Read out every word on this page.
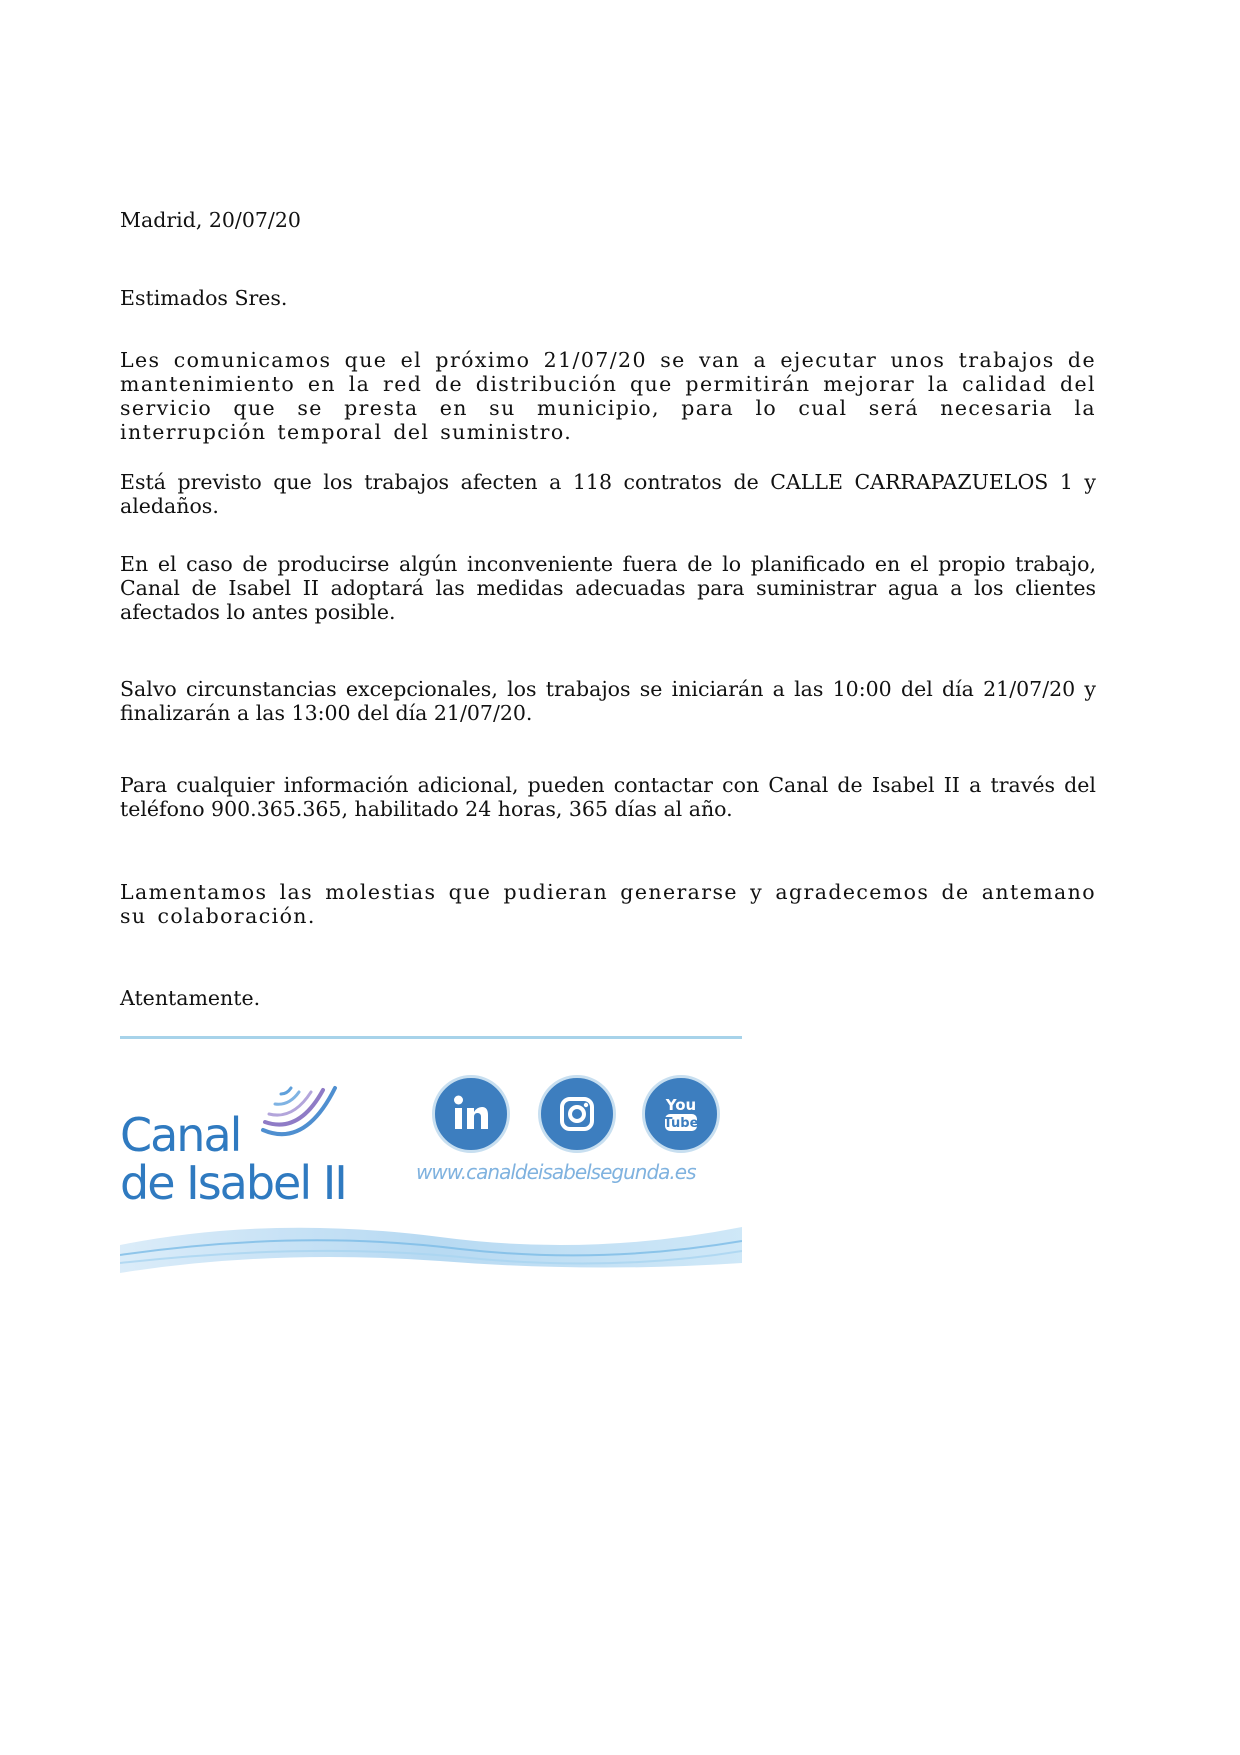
Madrid, 20/07/20

Estimados Sres.

Les comunicamos que el próximo 21/07/20 se van a ejecutar unos trabajos de mantenimiento en la red de distribución que permitirán mejorar la calidad del servicio que se presta en su municipio, para lo cual será necesaria la interrupción temporal del suministro.

Está previsto que los trabajos afecten a 118 contratos de CALLE CARRAPAZUELOS 1 y aledaños.

En el caso de producirse algún inconveniente fuera de lo planificado en el propio trabajo, Canal de Isabel II adoptará las medidas adecuadas para suministrar agua a los clientes afectados lo antes posible.

Salvo circunstancias excepcionales, los trabajos se iniciarán a las 10:00 del día 21/07/20 y finalizarán a las 13:00 del día 21/07/20.

Para cualquier información adicional, pueden contactar con Canal de Isabel II a través del teléfono 900.365.365, habilitado 24 horas, 365 días al año.

Lamentamos las molestias que pudieran generarse y agradecemos de antemano su colaboración.

Atentamente.

Canal
de Isabel II
You
Tube
www.canaldeisabelsegunda.es
